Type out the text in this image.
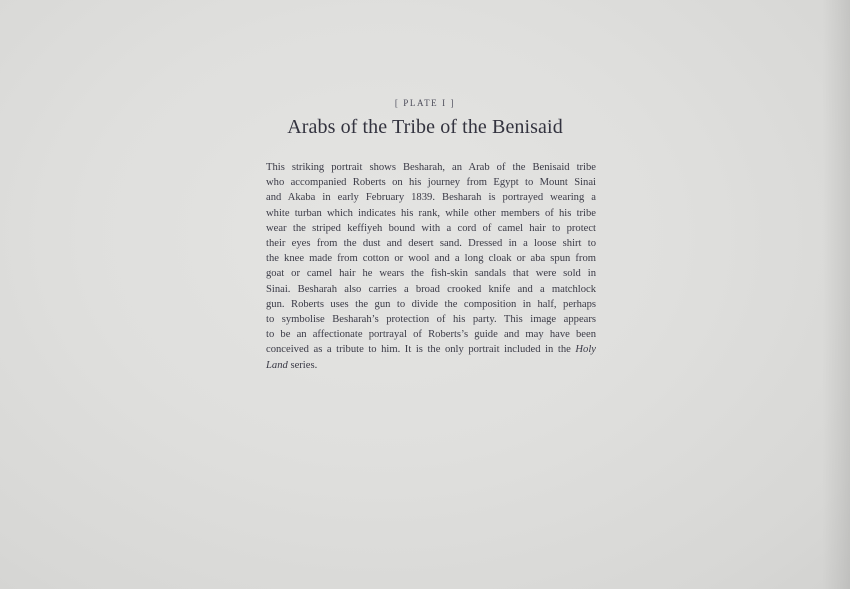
[ PLATE I ]
Arabs of the Tribe of the Benisaid
This striking portrait shows Besharah, an Arab of the Benisaid tribe
who accompanied Roberts on his journey from Egypt to Mount Sinai
and Akaba in early February 1839. Besharah is portrayed wearing a
white turban which indicates his rank, while other members of his tribe
wear the striped keffiyeh bound with a cord of camel hair to protect
their eyes from the dust and desert sand. Dressed in a loose shirt to
the knee made from cotton or wool and a long cloak or aba spun from
goat or camel hair he wears the fish-skin sandals that were sold in
Sinai. Besharah also carries a broad crooked knife and a matchlock
gun. Roberts uses the gun to divide the composition in half, perhaps
to symbolise Besharah’s protection of his party. This image appears
to be an affectionate portrayal of Roberts’s guide and may have been
conceived as a tribute to him. It is the only portrait included in the Holy
Land series.
